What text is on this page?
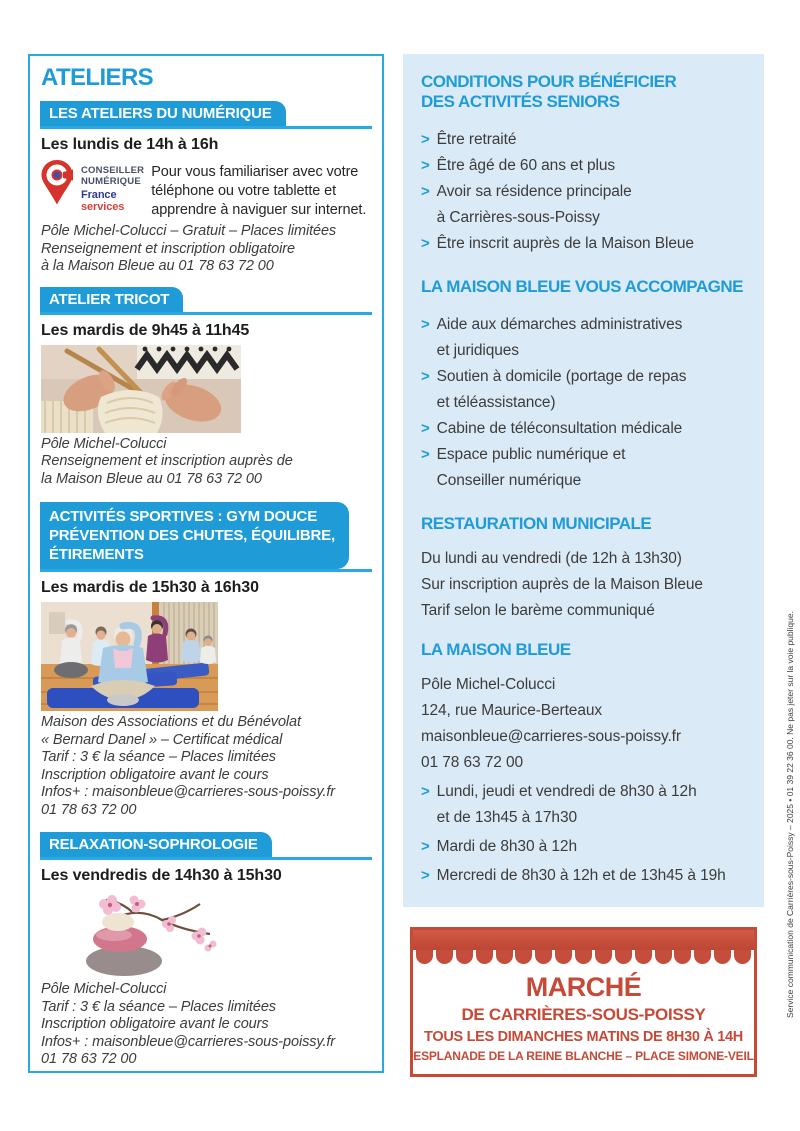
ATELIERS
LES ATELIERS DU NUMÉRIQUE
Les lundis de 14h à 16h
CONSEILLER
NUMÉRIQUE
France
services
Pour vous familiariser avec votre
téléphone ou votre tablette et
apprendre à naviguer sur internet.
Pôle Michel-Colucci – Gratuit – Places limitées
Renseignement et inscription obligatoire
à la Maison Bleue au 01 78 63 72 00
ATELIER TRICOT
Les mardis de 9h45 à 11h45
Pôle Michel-Colucci
Renseignement et inscription auprès de
la Maison Bleue au 01 78 63 72 00
ACTIVITÉS SPORTIVES : GYM DOUCE
PRÉVENTION DES CHUTES, ÉQUILIBRE,
ÉTIREMENTS
Les mardis de 15h30 à 16h30
Maison des Associations et du Bénévolat
« Bernard Danel » – Certificat médical
Tarif : 3 € la séance – Places limitées
Inscription obligatoire avant le cours
Infos+ : maisonbleue@carrieres-sous-poissy.fr
01 78 63 72 00
RELAXATION-SOPHROLOGIE
Les vendredis de 14h30 à 15h30
Pôle Michel-Colucci
Tarif : 3 € la séance – Places limitées
Inscription obligatoire avant le cours
Infos+ : maisonbleue@carrieres-sous-poissy.fr
01 78 63 72 00
CONDITIONS POUR BÉNÉFICIER
DES ACTIVITÉS SENIORS
> Être retraité
> Être âgé de 60 ans et plus
> Avoir sa résidence principale
à Carrières-sous-Poissy
> Être inscrit auprès de la Maison Bleue
LA MAISON BLEUE VOUS ACCOMPAGNE
> Aide aux démarches administratives
et juridiques
> Soutien à domicile (portage de repas
et téléassistance)
> Cabine de téléconsultation médicale
> Espace public numérique et
Conseiller numérique
RESTAURATION MUNICIPALE
Du lundi au vendredi (de 12h à 13h30)
Sur inscription auprès de la Maison Bleue
Tarif selon le barème communiqué
LA MAISON BLEUE
Pôle Michel-Colucci
124, rue Maurice-Berteaux
maisonbleue@carrieres-sous-poissy.fr
01 78 63 72 00
> Lundi, jeudi et vendredi de 8h30 à 12h
et de 13h45 à 17h30
> Mardi de 8h30 à 12h
> Mercredi de 8h30 à 12h et de 13h45 à 19h
MARCHÉ
DE CARRIÈRES-SOUS-POISSY
TOUS LES DIMANCHES MATINS DE 8H30 À 14H
ESPLANADE DE LA REINE BLANCHE – PLACE SIMONE-VEIL
Service communication de Carrières-sous-Poissy – 2025 • 01 39 22 36 00. Ne pas jeter sur la voie publique.
